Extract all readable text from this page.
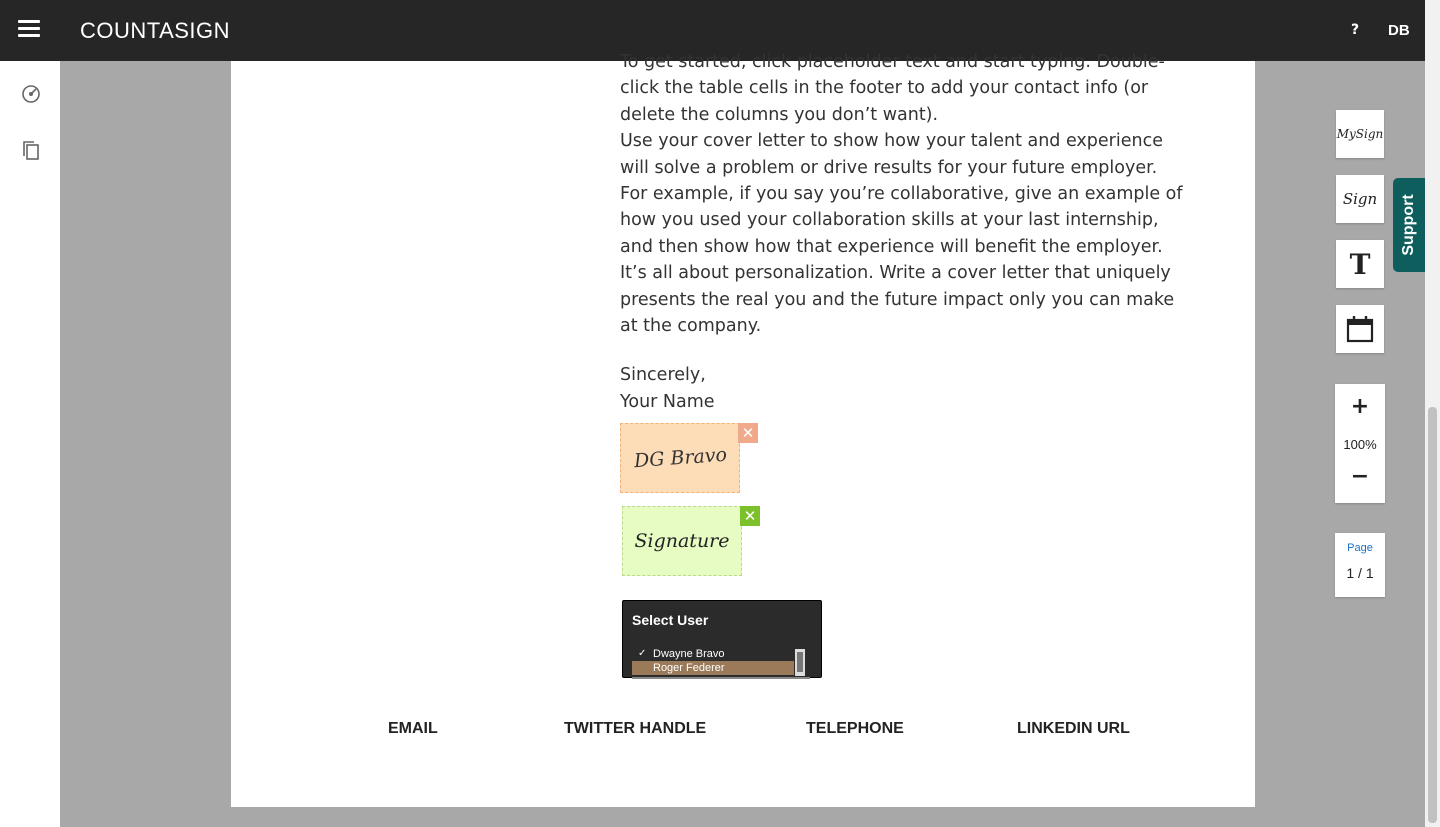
COUNTASIGN	? DB

To get started, click placeholder text and start typing. Double-click the table cells in the footer to add your contact info (or delete the columns you don’t want).

Use your cover letter to show how your talent and experience will solve a problem or drive results for your future employer. For example, if you say you’re collaborative, give an example of how you used your collaboration skills at your last internship, and then show how that experience will benefit the employer.

It’s all about personalization. Write a cover letter that uniquely presents the real you and the future impact only you can make at the company.

Sincerely,
Your Name
DG Bravo
✕
Signature
✕
Select User
✓ Dwayne Bravo
Roger Federer
EMAIL	TWITTER HANDLE	TELEPHONE	LINKEDIN URL
MySign
Sign
T
+
100%
−
Page
1 / 1
Support
